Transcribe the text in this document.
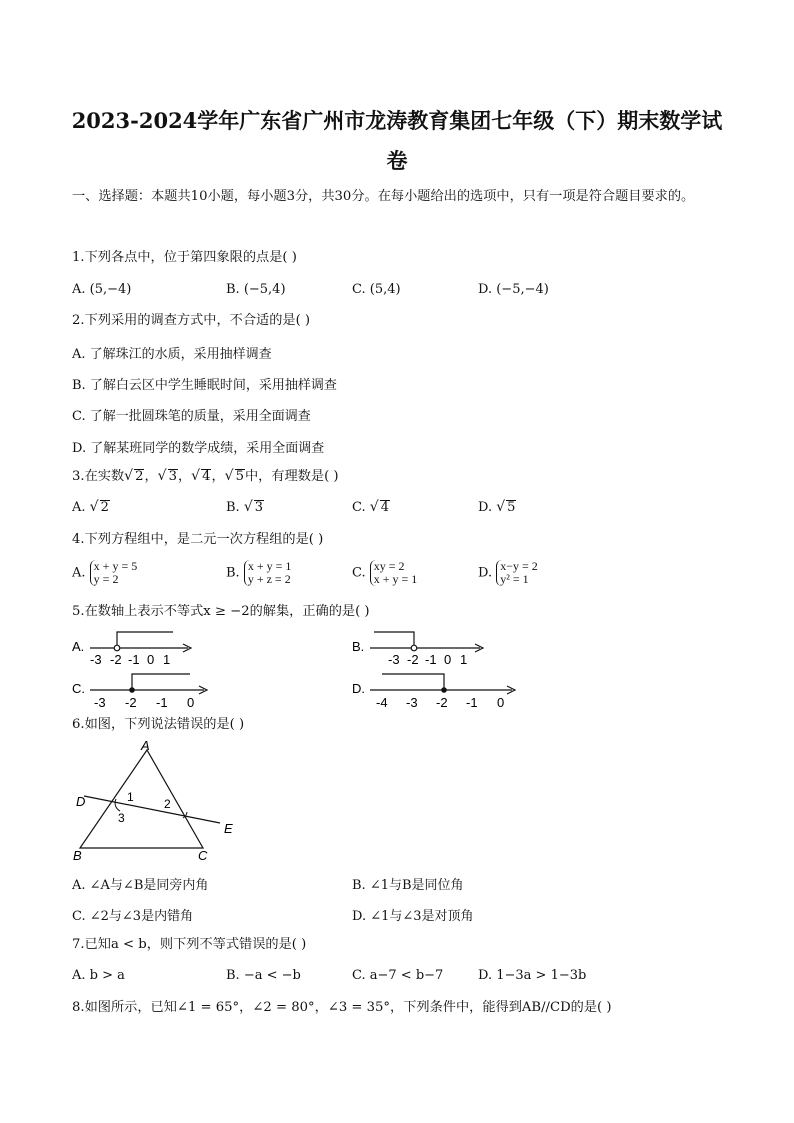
2023-2024学年广东省广州市龙涛教育集团七年级（下）期末数学试
卷
一、选择题：本题共10小题，每小题3分，共30分。在每小题给出的选项中，只有一项是符合题目要求的。
1.下列各点中，位于第四象限的点是( )
A. (5,−4)	B. (−5,4)	C. (5,4)	D. (−5,−4)
2.下列采用的调查方式中，不合适的是( )
A. 了解珠江的水质，采用抽样调查
B. 了解白云区中学生睡眠时间，采用抽样调查
C. 了解一批圆珠笔的质量，采用全面调查
D. 了解某班同学的数学成绩，采用全面调查
3.在实数√ 2，√ 3，√ 4，√ 5中，有理数是( )
A. √ 2	B. √ 3	C. √ 4	D. √ 5
4.下列方程组中，是二元一次方程组的是( )
A. x + y = 5
y = 2	B. x + y = 1
y + z = 2	C. xy = 2
x + y = 1	D. x−y = 2
y² = 1
5.在数轴上表示不等式x ≥ −2的解集，正确的是( )
A.
-3 -2 -1 0 1
B.
-3 -2 -1 0 1
C.
-3 -2 -1 0
D.
-4 -3 -2 -1 0
6.如图，下列说法错误的是( )
A
D
E
B	C
1	2
3
A. ∠A与∠B是同旁内角	B. ∠1与B是同位角
C. ∠2与∠3是内错角	D. ∠1与∠3是对顶角
7.已知a < b，则下列不等式错误的是( )
A. b > a	B. −a < −b	C. a−7 < b−7	D. 1−3a > 1−3b
8.如图所示，已知∠1 = 65°，∠2 = 80°，∠3 = 35°，下列条件中，能得到AB//CD的是( )
